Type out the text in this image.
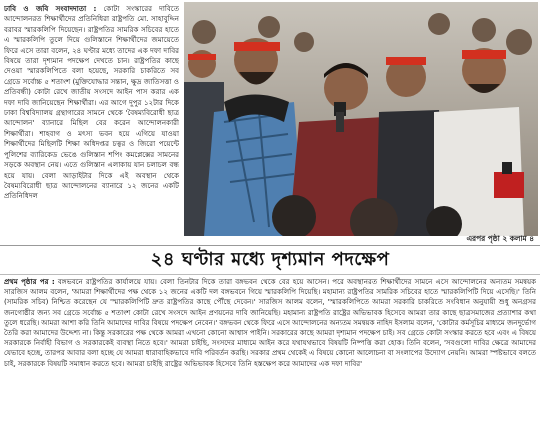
ঢাবি ও জবি সংবাদদাতা : কোটা সংস্কারের দাবিতে আন্দোলনরত শিক্ষার্থীদের প্রতিনিধিরা রাষ্ট্রপতি মো. সাহাবুদ্দিন বরাবর স্মারকলিপি দিয়েছেন। রাষ্ট্রপতির সামরিক সচিবের হাতে এ স্মারকলিপি তুলে দিয়ে গুলিস্তানে শিক্ষার্থীদের জমায়েতে ফিরে এসে তারা বলেন, ২৪ ঘণ্টার মধ্যে তাদের এক দফা দাবির বিষয়ে তারা দৃশ্যমান পদক্ষেপ দেখতে চান। রাষ্ট্রপতির কাছে দেওয়া স্মারকলিপিতে বলা হয়েছে, সরকারি চাকরিতে সব গ্রেডে সর্বোচ্চ ৫ শতাংশ (মুক্তিযোদ্ধার সন্তান, ক্ষুদ্র জাতিসত্তা ও প্রতিবন্ধী) কোটা রেখে জাতীয় সংসদে আইন পাস করার এক দফা দাবি জানিয়েছেন শিক্ষার্থীরা। এর আগে দুপুর ১২টার দিকে ঢাকা বিশ্ববিদ্যালয় গ্রন্থাগারের সামনে থেকে 'বৈষম্যবিরোধী ছাত্র আন্দোলন' ব্যানারে মিছিল বের করেন আন্দোলনকারী শিক্ষার্থীরা। শাহবাগ ও মৎস্য ভবন হয়ে এগিয়ে যাওয়া শিক্ষার্থীদের মিছিলটি শিক্ষা অধিদপ্তর চত্বর ও জিরো পয়েন্টে পুলিশের ব্যারিকেড ভেঙে গুলিস্তান শপিং কমপ্লেক্সের সামনের সড়কে অবস্থান নেয়। এতে গুলিস্তান এলাকায় যান চলাচল বন্ধ হয়ে যায়। বেলা আড়াইটার দিকে এই অবস্থান থেকে বৈষম্যবিরোধী ছাত্র আন্দোলনের ব্যানারে ১২ জনের একটি প্রতিনিধিদল

এরপর পৃষ্ঠা ২ কলাম ৪
২৪ ঘণ্টার মধ্যে দৃশ্যমান পদক্ষেপ

প্রথম পৃষ্ঠার পর : বঙ্গভবনে রাষ্ট্রপতির কার্যালয়ে যায়। বেলা তিনটার দিকে তারা বঙ্গভবন থেকে বের হয়ে আসেন। পরে অবস্থানরত শিক্ষার্থীদের সামনে এসে আন্দোলনের অন্যতম সমন্বয়ক সারজিস আলম বলেন, 'আমরা শিক্ষার্থীদের পক্ষ থেকে ১২ জনের একটি দল বঙ্গভবনে গিয়ে স্মারকলিপি দিয়েছি। মহামান্য রাষ্ট্রপতির সামরিক সচিবের হাতে স্মারকলিপিটি দিয়ে এসেছি।' তিনি (সামরিক সচিব) নিশ্চিত করেছেন যে 'স্মারকলিপিটি দ্রুত রাষ্ট্রপতির কাছে পৌঁছে দেবেন।' সারজিস আলম বলেন, 'স্মারকলিপিতে আমরা সরকারি চাকরিতে সংবিধান অনুযায়ী শুধু অনগ্রসর জনগোষ্ঠীর জন্য সব গ্রেডে সর্বোচ্চ ৫ শতাংশ কোটা রেখে সংসদে আইন প্রণয়নের দাবি জানিয়েছি। মহামান্য রাষ্ট্রপতি রাষ্ট্রের অভিভাবক হিসেবে আমরা তার কাছে ছাত্রসমাজের প্রত্যাশার কথা তুলে ধরেছি। আমরা আশা করি তিনি আমাদের দাবির বিষয়ে পদক্ষেপ নেবেন।' বঙ্গভবন থেকে ফিরে এসে আন্দোলনের অন্যতম সমন্বয়ক নাহিদ ইসলাম বলেন, 'কোটার কর্মসূচির মাধ্যমে জনদুর্ভোগ তৈরি করা আমাদের উদ্দেশ্য না। কিন্তু সরকারের পক্ষ থেকে আমরা এখনো কোনো আশ্বাস পাইনি। সরকারের কাছে আমরা দৃশ্যমান পদক্ষেপ চাই। সব গ্রেডে কোটা সংস্কার করতে হবে এবং এ বিষয়ে সরকারকে নির্বাহী বিভাগ ও সরকারকেই ব্যবস্থা নিতে হবে।' আমরা চাইছি, সংসদের মাধ্যমে আইন করে যথাযথভাবে বিষয়টি নিষ্পত্তি করা হোক। তিনি বলেন, 'সবগুলো দাবির ক্ষেত্রে আমাদের যেভাবে হচ্ছে, তারপর আবার বলা হচ্ছে যে আমরা ধারাবাহিকভাবে দাবি পরিবর্তন করছি। সরকার প্রথম থেকেই এ বিষয়ে কোনো আলোচনা বা সংলাপের উদ্যোগ নেয়নি। আমরা স্পষ্টভাবে বলতে চাই, সরকারকে বিষয়টি সমাধান করতে হবে। আমরা চাইছি রাষ্ট্রের অভিভাবক হিসেবে তিনি হস্তক্ষেপ করে আমাদের এক দফা দাবির'
